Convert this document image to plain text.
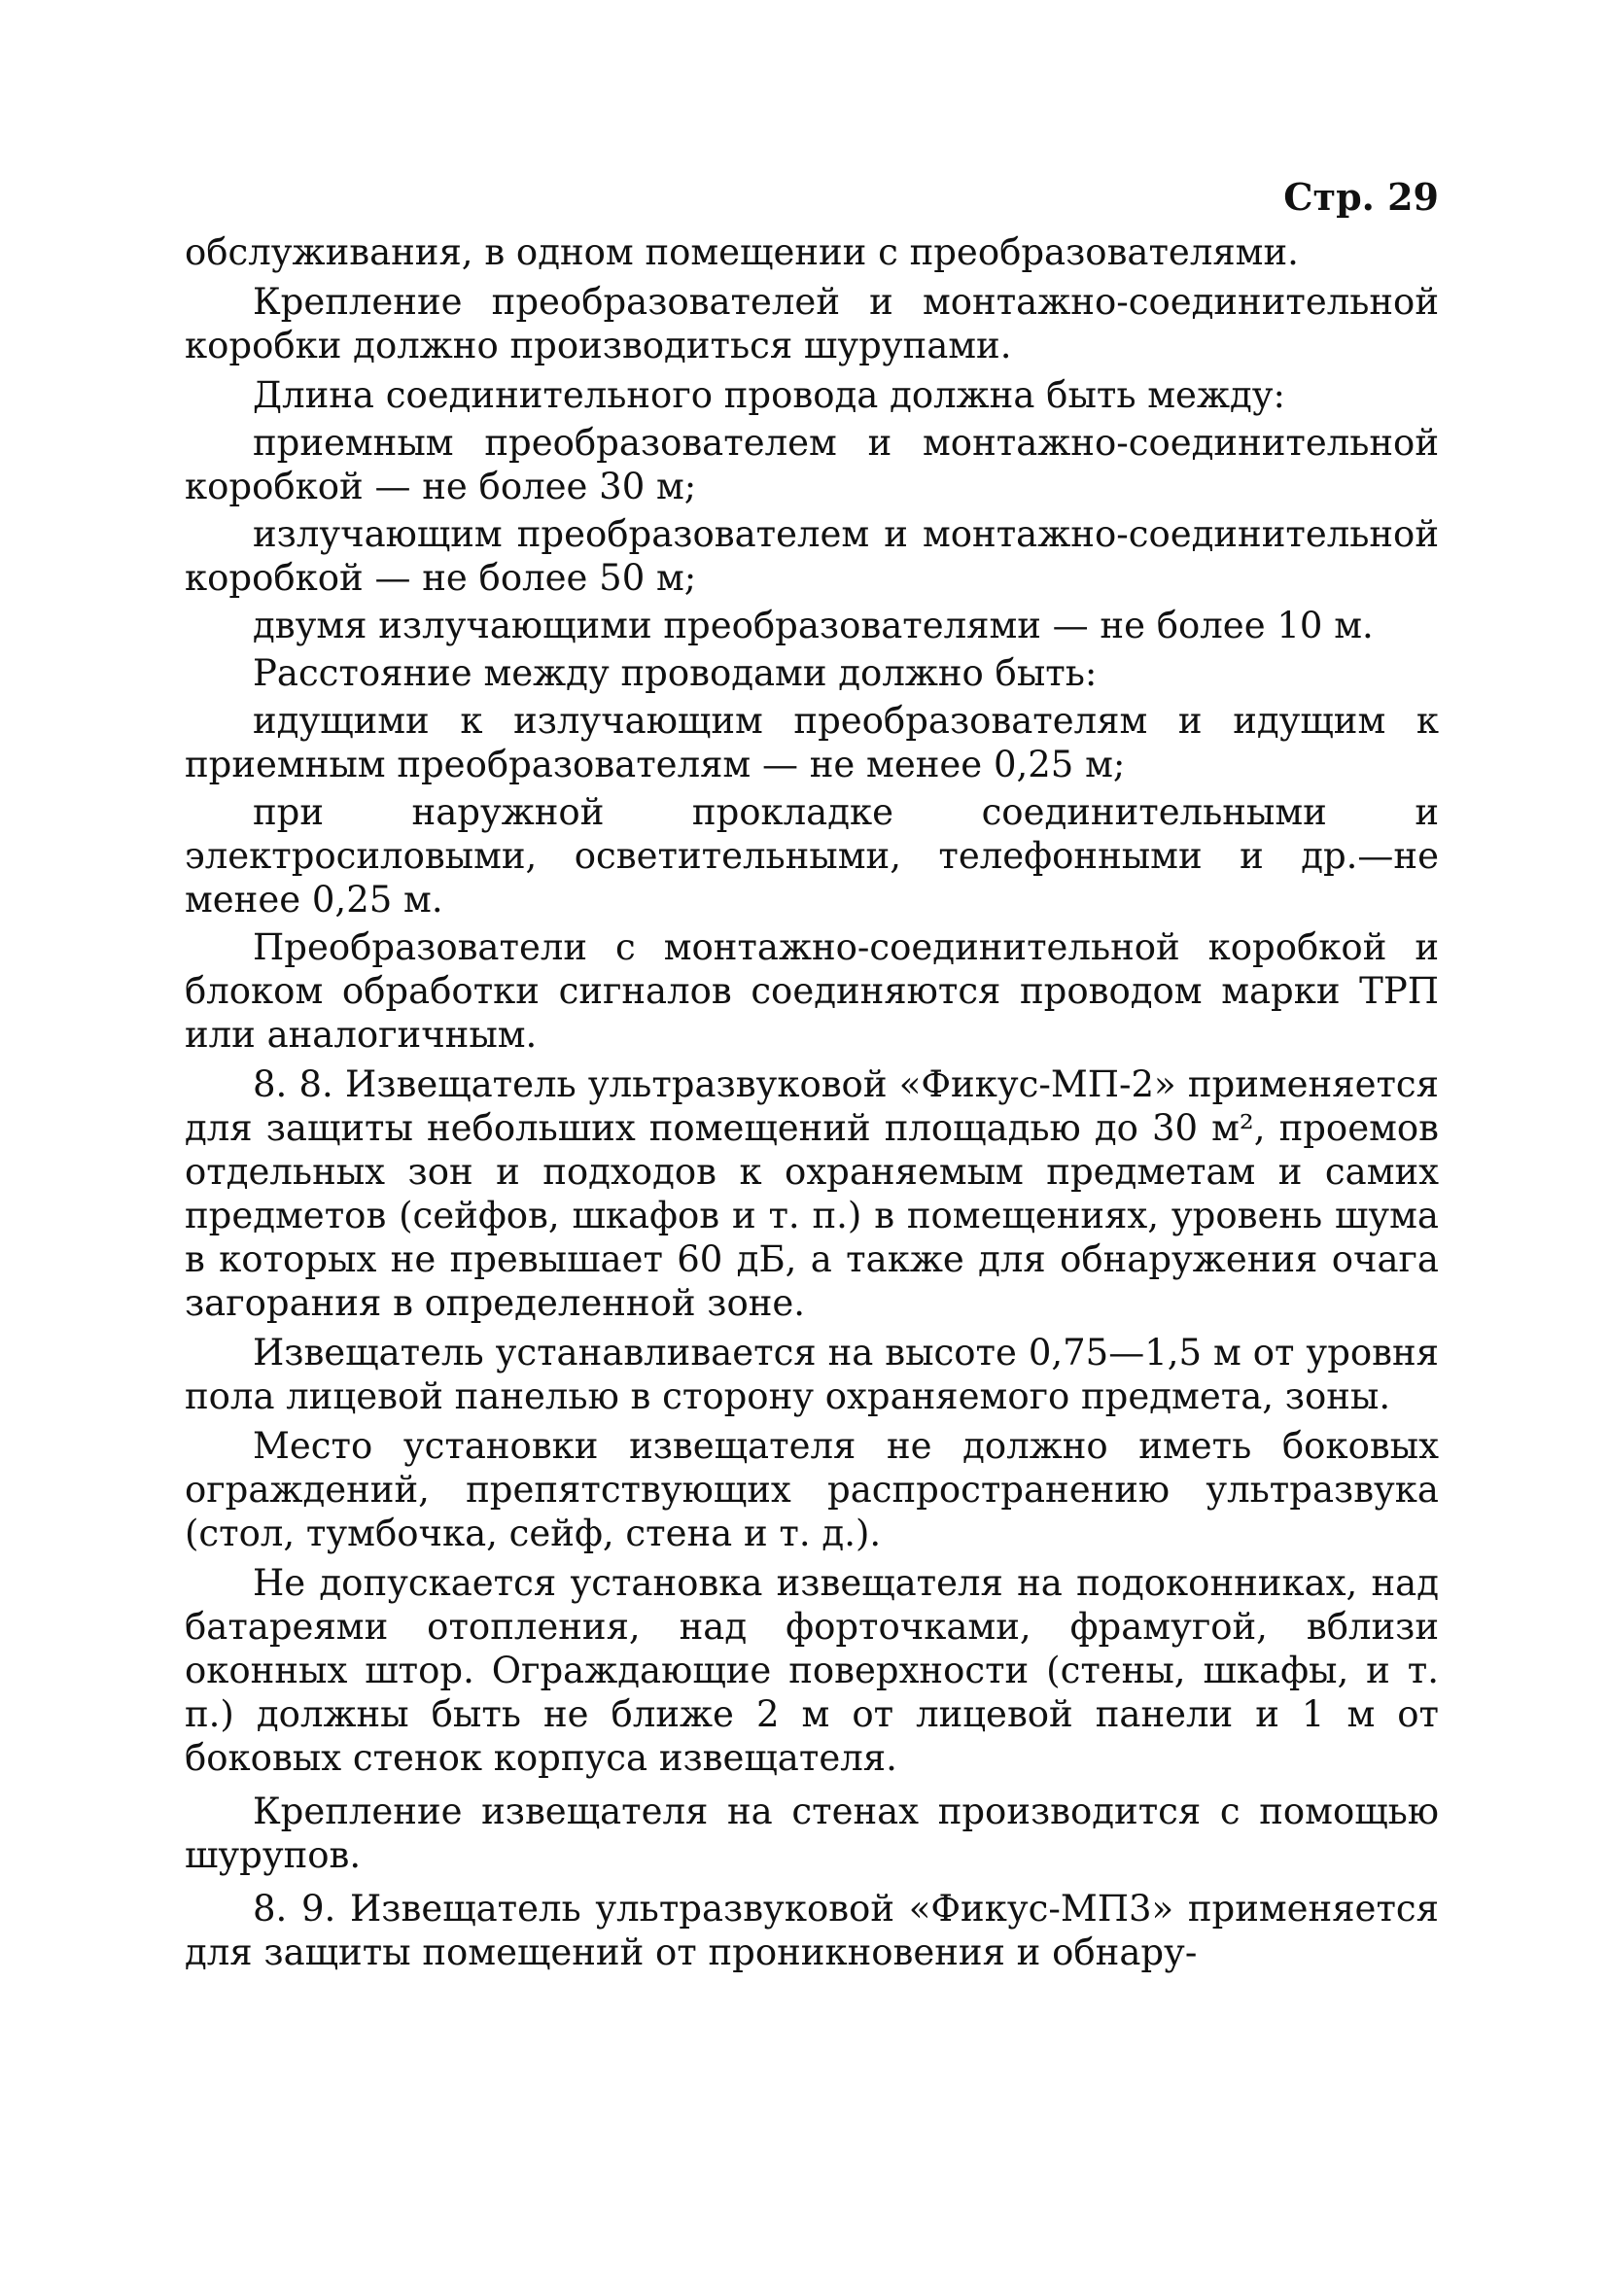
Стр. 29

обслуживания, в одном помещении с преобразователями.

Крепление преобразователей и монтажно-соединительной коробки должно производиться шурупами.

Длина соединительного провода должна быть между:

приемным преобразователем и монтажно-соединительной коробкой — не более 30 м;

излучающим преобразователем и монтажно-соединительной коробкой — не более 50 м;

двумя излучающими преобразователями — не более 10 м.

Расстояние между проводами должно быть:

идущими к излучающим преобразователям и идущим к приемным преобразователям — не менее 0,25 м;

при наружной прокладке соединительными и электросиловыми, осветительными, телефонными и др.—не менее 0,25 м.

Преобразователи с монтажно-соединительной коробкой и блоком обработки сигналов соединяются проводом марки ТРП или аналогичным.

8. 8. Извещатель ультразвуковой «Фикус-МП-2» применяется для защиты небольших помещений площадью до 30 м², проемов отдельных зон и подходов к охраняемым предметам и самих предметов (сейфов, шкафов и т. п.) в помещениях, уровень шума в которых не превышает 60 дБ, а также для обнаружения очага загорания в определенной зоне.

Извещатель устанавливается на высоте 0,75—1,5 м от уровня пола лицевой панелью в сторону охраняемого предмета, зоны.

Место установки извещателя не должно иметь боковых ограждений, препятствующих распространению ультразвука (стол, тумбочка, сейф, стена и т. д.).

Не допускается установка извещателя на подоконниках, над батареями отопления, над форточками, фрамугой, вблизи оконных штор. Ограждающие поверхности (стены, шкафы, и т. п.) должны быть не ближе 2 м от лицевой панели и 1 м от боковых стенок корпуса извещателя.

Крепление извещателя на стенах производится с помощью шурупов.

8. 9. Извещатель ультразвуковой «Фикус-МП3» применяется для защиты помещений от проникновения и обнару-
